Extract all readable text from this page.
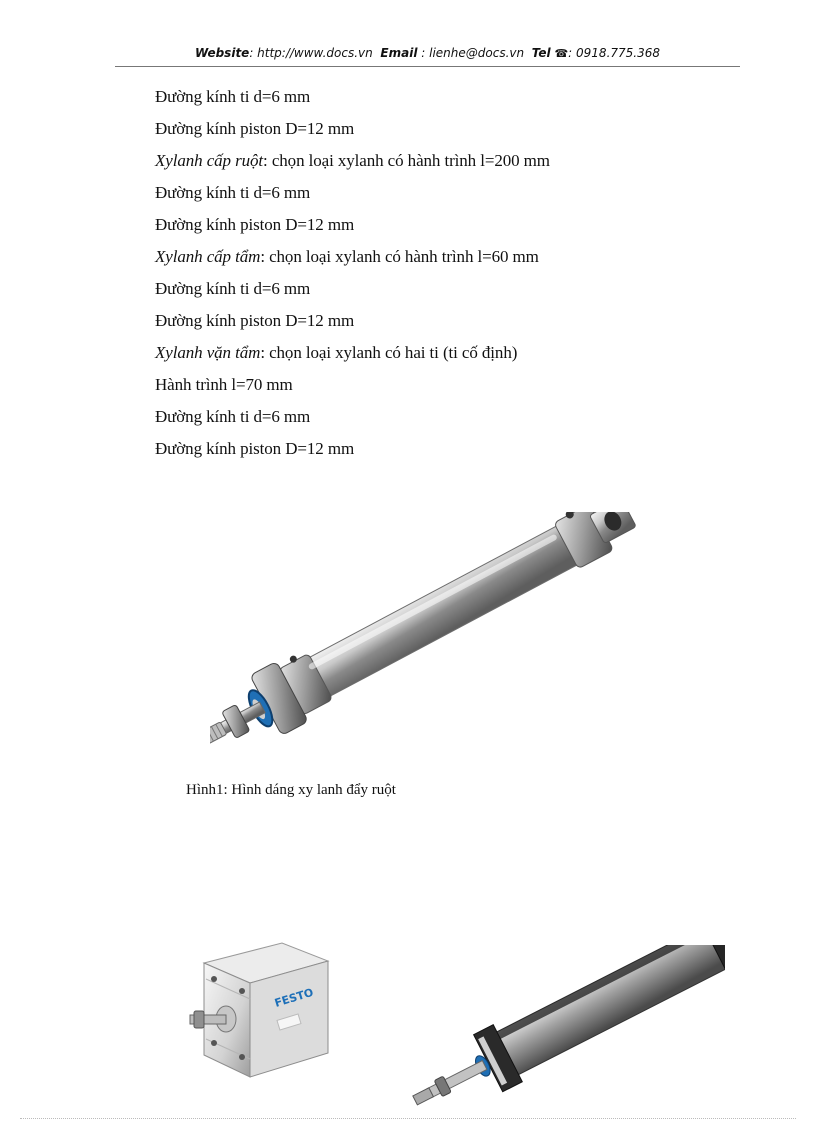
Website: http://www.docs.vn Email : lienhe@docs.vn Tel ☎: 0918.775.368
Đường kính ti d=6 mm
Đường kính piston D=12 mm
Xylanh cấp ruột: chọn loại xylanh có hành trình l=200 mm
Đường kính ti d=6 mm
Đường kính piston D=12 mm
Xylanh cấp tẩm: chọn loại xylanh có hành trình l=60 mm
Đường kính ti d=6 mm
Đường kính piston D=12 mm
Xylanh vặn tẩm: chọn loại xylanh có hai ti (ti cố định)
Hành trình l=70 mm
Đường kính ti d=6 mm
Đường kính piston D=12 mm
Hình1: Hình dáng xy lanh đẩy ruột
FESTO
